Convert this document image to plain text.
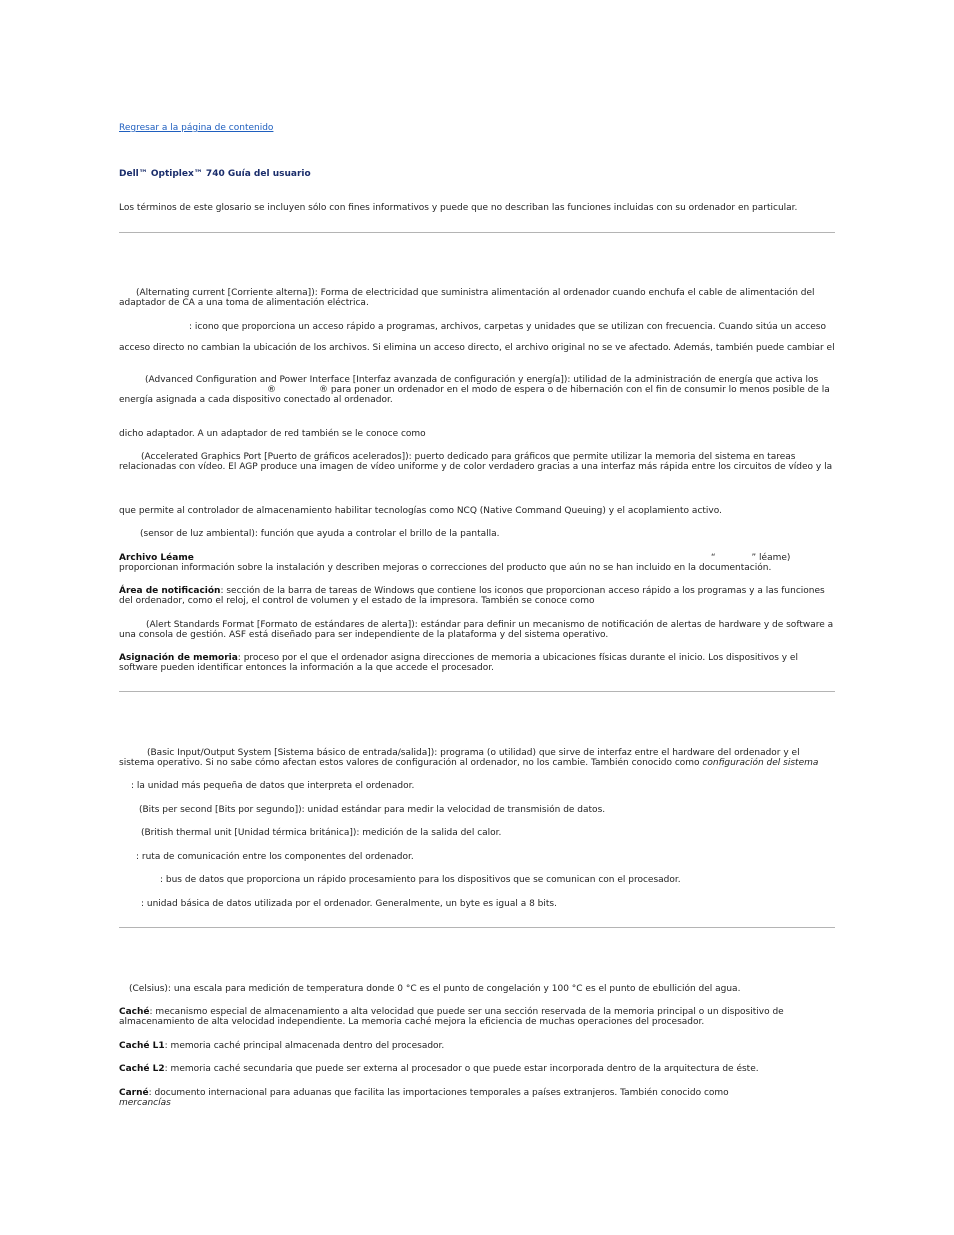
Regresar a la página de contenido
Dell™ Optiplex™ 740 Guía del usuario

Los términos de este glosario se incluyen sólo con fines informativos y puede que no describan las funciones incluidas con su ordenador en particular.

(Alternating current [Corriente alterna]): Forma de electricidad que suministra alimentación al ordenador cuando enchufa el cable de alimentación del adaptador de CA a una toma de alimentación eléctrica.

: icono que proporciona un acceso rápido a programas, archivos, carpetas y unidades que se utilizan con frecuencia. Cuando sitúa un acceso

acceso directo no cambian la ubicación de los archivos. Si elimina un acceso directo, el archivo original no se ve afectado. Además, también puede cambiar el

(Advanced Configuration and Power Interface [Interfaz avanzada de configuración y energía]): utilidad de la administración de energía que activa los
®	® para poner un ordenador en el modo de espera o de hibernación con el fin de consumir lo menos posible de la
energía asignada a cada dispositivo conectado al ordenador.

dicho adaptador. A un adaptador de red también se le conoce como

(Accelerated Graphics Port [Puerto de gráficos acelerados]): puerto dedicado para gráficos que permite utilizar la memoria del sistema en tareas relacionadas con vídeo. El AGP produce una imagen de vídeo uniforme y de color verdadero gracias a una interfaz más rápida entre los circuitos de vídeo y la

que permite al controlador de almacenamiento habilitar tecnologías como NCQ (Native Command Queuing) y el acoplamiento activo.

(sensor de luz ambiental): función que ayuda a controlar el brillo de la pantalla.

Archivo Léame	“	” léame)
proporcionan información sobre la instalación y describen mejoras o correcciones del producto que aún no se han incluido en la documentación.

Área de notificación: sección de la barra de tareas de Windows que contiene los iconos que proporcionan acceso rápido a los programas y a las funciones del ordenador, como el reloj, el control de volumen y el estado de la impresora. También se conoce como

(Alert Standards Format [Formato de estándares de alerta]): estándar para definir un mecanismo de notificación de alertas de hardware y de software a una consola de gestión. ASF está diseñado para ser independiente de la plataforma y del sistema operativo.

Asignación de memoria: proceso por el que el ordenador asigna direcciones de memoria a ubicaciones físicas durante el inicio. Los dispositivos y el software pueden identificar entonces la información a la que accede el procesador.

(Basic Input/Output System [Sistema básico de entrada/salida]): programa (o utilidad) que sirve de interfaz entre el hardware del ordenador y el sistema operativo. Si no sabe cómo afectan estos valores de configuración al ordenador, no los cambie. También conocido como configuración del sistema

: la unidad más pequeña de datos que interpreta el ordenador.

(Bits per second [Bits por segundo]): unidad estándar para medir la velocidad de transmisión de datos.

(British thermal unit [Unidad térmica británica]): medición de la salida del calor.

: ruta de comunicación entre los componentes del ordenador.

: bus de datos que proporciona un rápido procesamiento para los dispositivos que se comunican con el procesador.

: unidad básica de datos utilizada por el ordenador. Generalmente, un byte es igual a 8 bits.

(Celsius): una escala para medición de temperatura donde 0 °C es el punto de congelación y 100 °C es el punto de ebullición del agua.

Caché: mecanismo especial de almacenamiento a alta velocidad que puede ser una sección reservada de la memoria principal o un dispositivo de almacenamiento de alta velocidad independiente. La memoria caché mejora la eficiencia de muchas operaciones del procesador.

Caché L1: memoria caché principal almacenada dentro del procesador.

Caché L2: memoria caché secundaria que puede ser externa al procesador o que puede estar incorporada dentro de la arquitectura de éste.

Carné: documento internacional para aduanas que facilita las importaciones temporales a países extranjeros. También conocido como
mercancías
